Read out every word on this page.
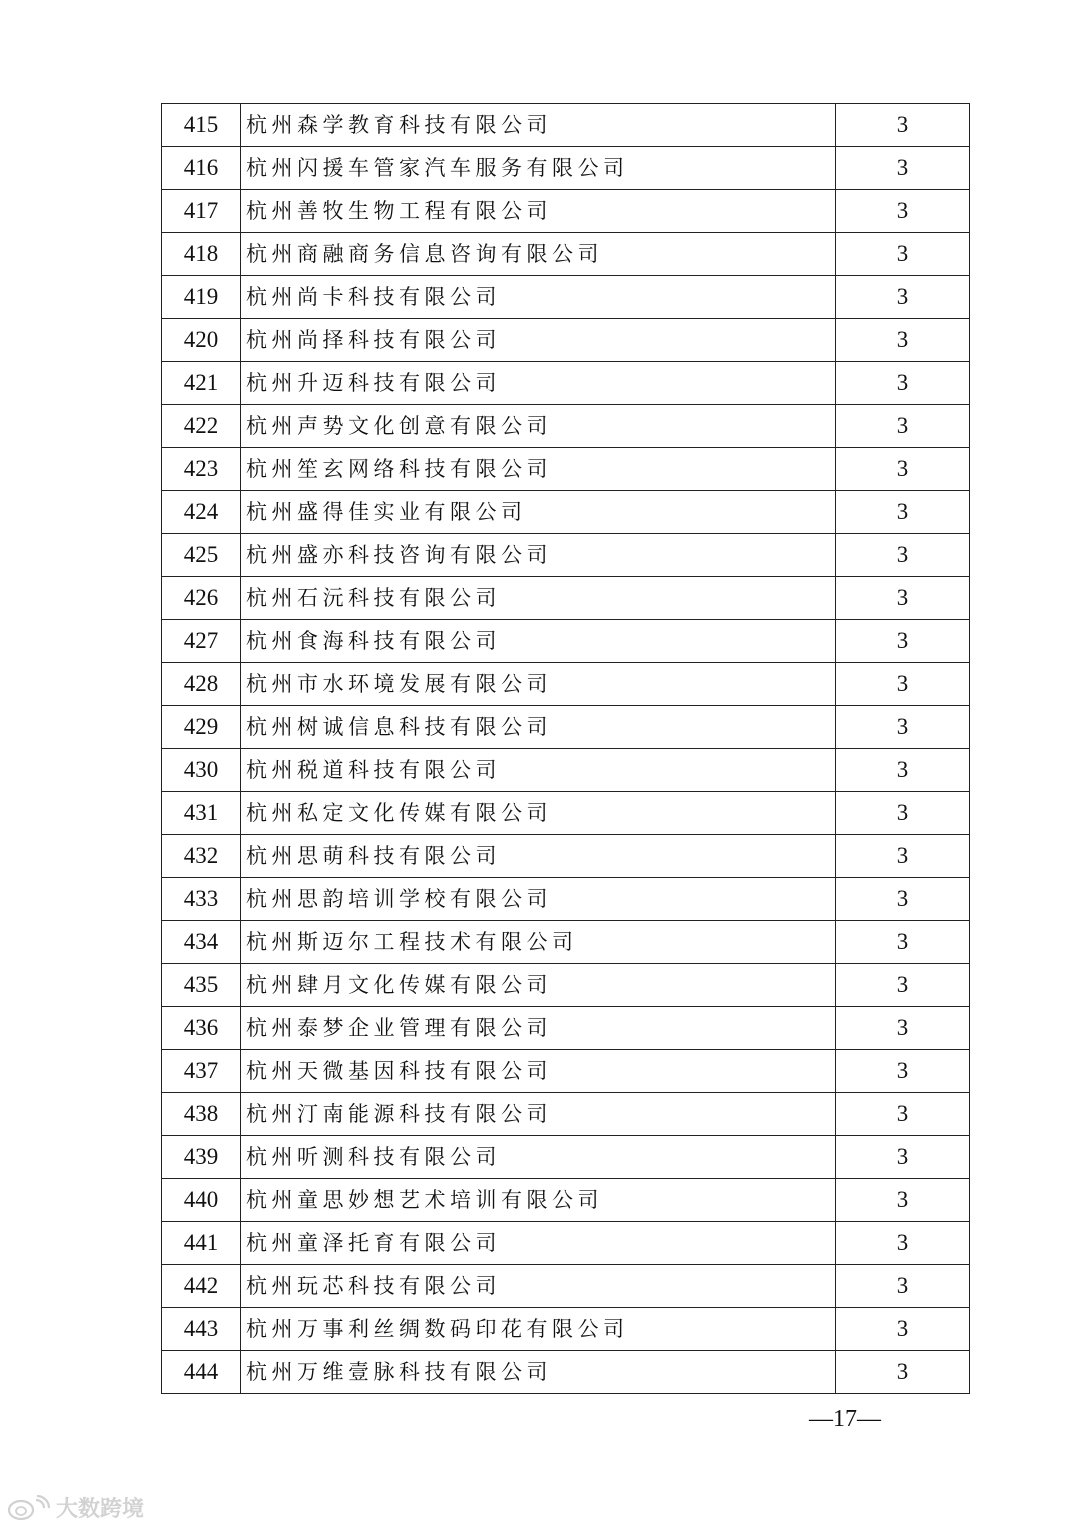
415	杭州森学教育科技有限公司	3
416	杭州闪援车管家汽车服务有限公司	3
417	杭州善牧生物工程有限公司	3
418	杭州商融商务信息咨询有限公司	3
419	杭州尚卡科技有限公司	3
420	杭州尚择科技有限公司	3
421	杭州升迈科技有限公司	3
422	杭州声势文化创意有限公司	3
423	杭州笙玄网络科技有限公司	3
424	杭州盛得佳实业有限公司	3
425	杭州盛亦科技咨询有限公司	3
426	杭州石沅科技有限公司	3
427	杭州食海科技有限公司	3
428	杭州市水环境发展有限公司	3
429	杭州树诚信息科技有限公司	3
430	杭州税道科技有限公司	3
431	杭州私定文化传媒有限公司	3
432	杭州思萌科技有限公司	3
433	杭州思韵培训学校有限公司	3
434	杭州斯迈尔工程技术有限公司	3
435	杭州肆月文化传媒有限公司	3
436	杭州泰梦企业管理有限公司	3
437	杭州天微基因科技有限公司	3
438	杭州汀南能源科技有限公司	3
439	杭州听测科技有限公司	3
440	杭州童思妙想艺术培训有限公司	3
441	杭州童泽托育有限公司	3
442	杭州玩芯科技有限公司	3
443	杭州万事利丝绸数码印花有限公司	3
444	杭州万维壹脉科技有限公司	3
—17—
大数跨境
